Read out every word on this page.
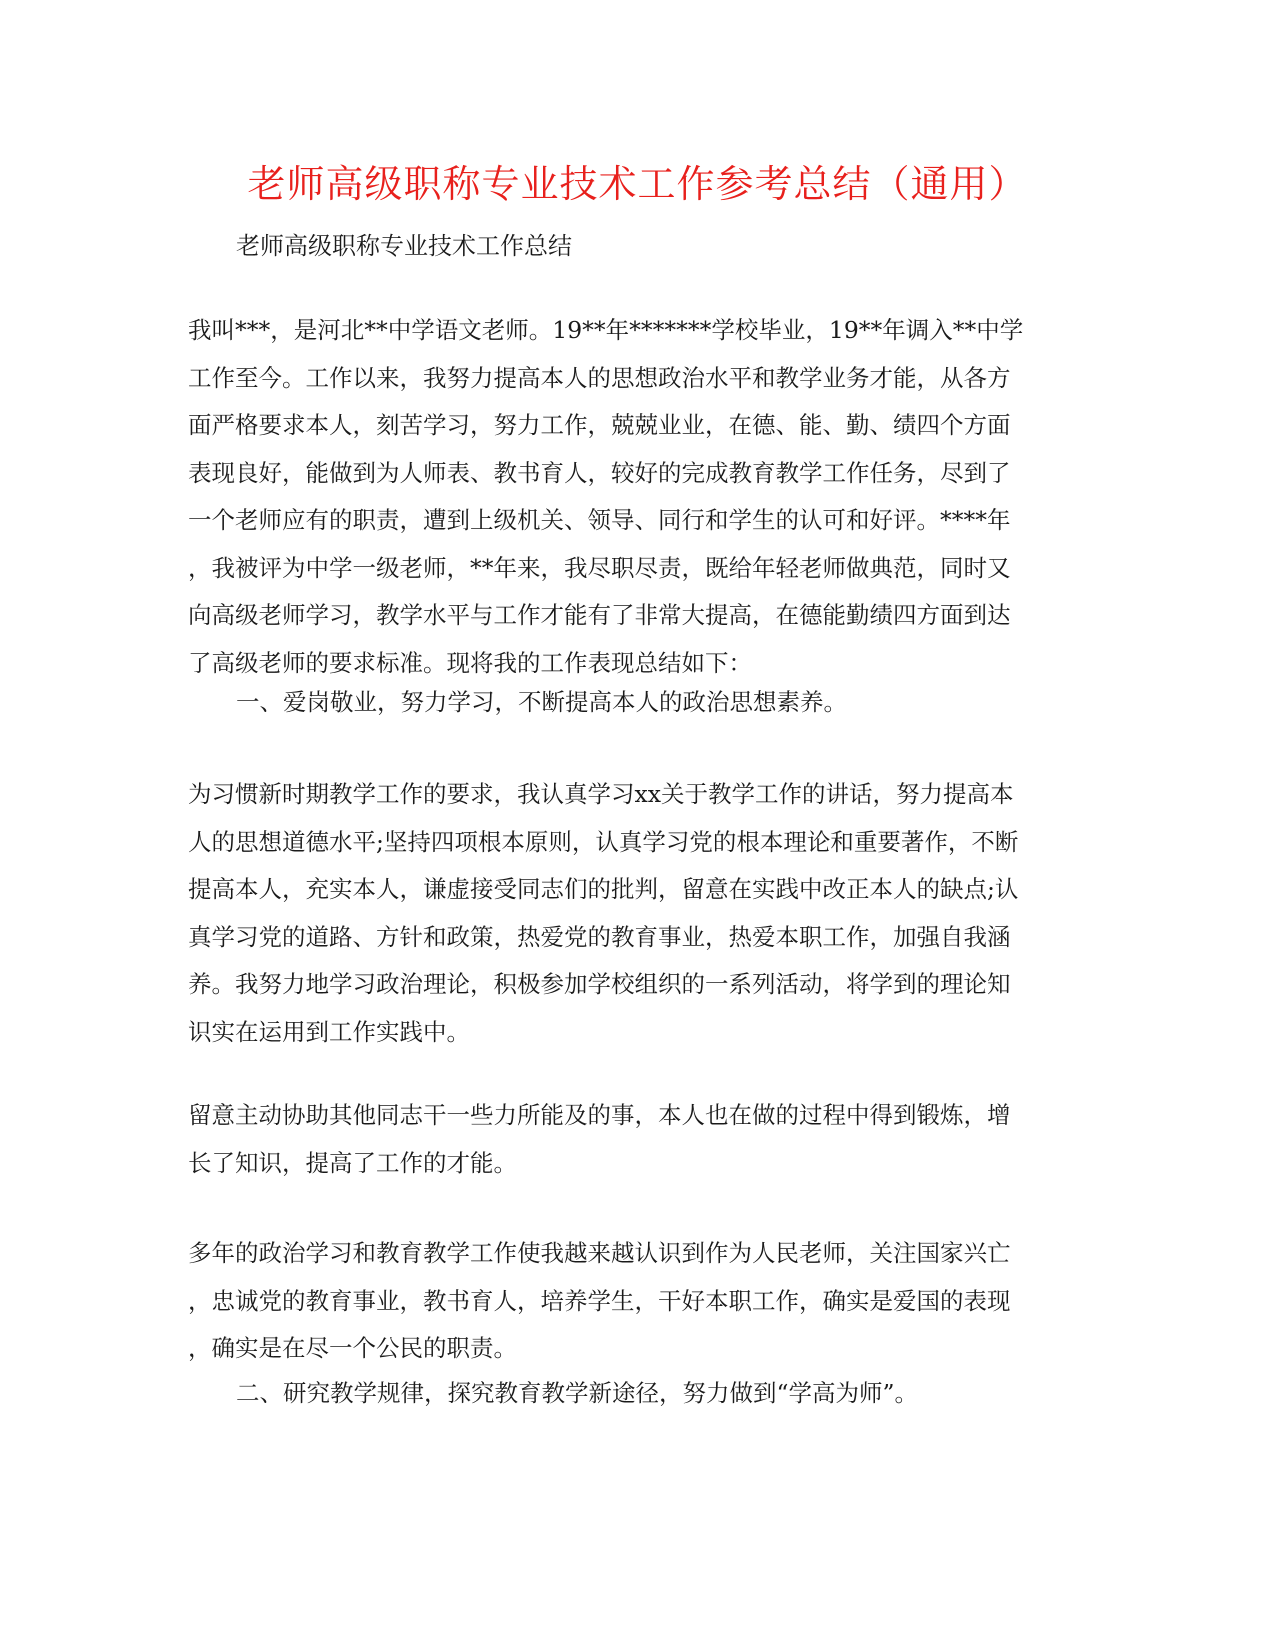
老师高级职称专业技术工作参考总结（通用）
老师高级职称专业技术工作总结
我叫***，是河北**中学语文老师。19**年*******学校毕业，19**年调入**中学
工作至今。工作以来，我努力提高本人的思想政治水平和教学业务才能，从各方
面严格要求本人，刻苦学习，努力工作，兢兢业业，在德、能、勤、绩四个方面
表现良好，能做到为人师表、教书育人，较好的完成教育教学工作任务，尽到了
一个老师应有的职责，遭到上级机关、领导、同行和学生的认可和好评。****年
，我被评为中学一级老师，**年来，我尽职尽责，既给年轻老师做典范，同时又
向高级老师学习，教学水平与工作才能有了非常大提高，在德能勤绩四方面到达
了高级老师的要求标准。现将我的工作表现总结如下：
一、爱岗敬业，努力学习，不断提高本人的政治思想素养。
为习惯新时期教学工作的要求，我认真学习xx关于教学工作的讲话，努力提高本
人的思想道德水平;坚持四项根本原则，认真学习党的根本理论和重要著作，不断
提高本人，充实本人，谦虚接受同志们的批判，留意在实践中改正本人的缺点;认
真学习党的道路、方针和政策，热爱党的教育事业，热爱本职工作，加强自我涵
养。我努力地学习政治理论，积极参加学校组织的一系列活动，将学到的理论知
识实在运用到工作实践中。
留意主动协助其他同志干一些力所能及的事，本人也在做的过程中得到锻炼，增
长了知识，提高了工作的才能。
多年的政治学习和教育教学工作使我越来越认识到作为人民老师，关注国家兴亡
，忠诚党的教育事业，教书育人，培养学生，干好本职工作，确实是爱国的表现
，确实是在尽一个公民的职责。
二、研究教学规律，探究教育教学新途径，努力做到“学高为师”。
